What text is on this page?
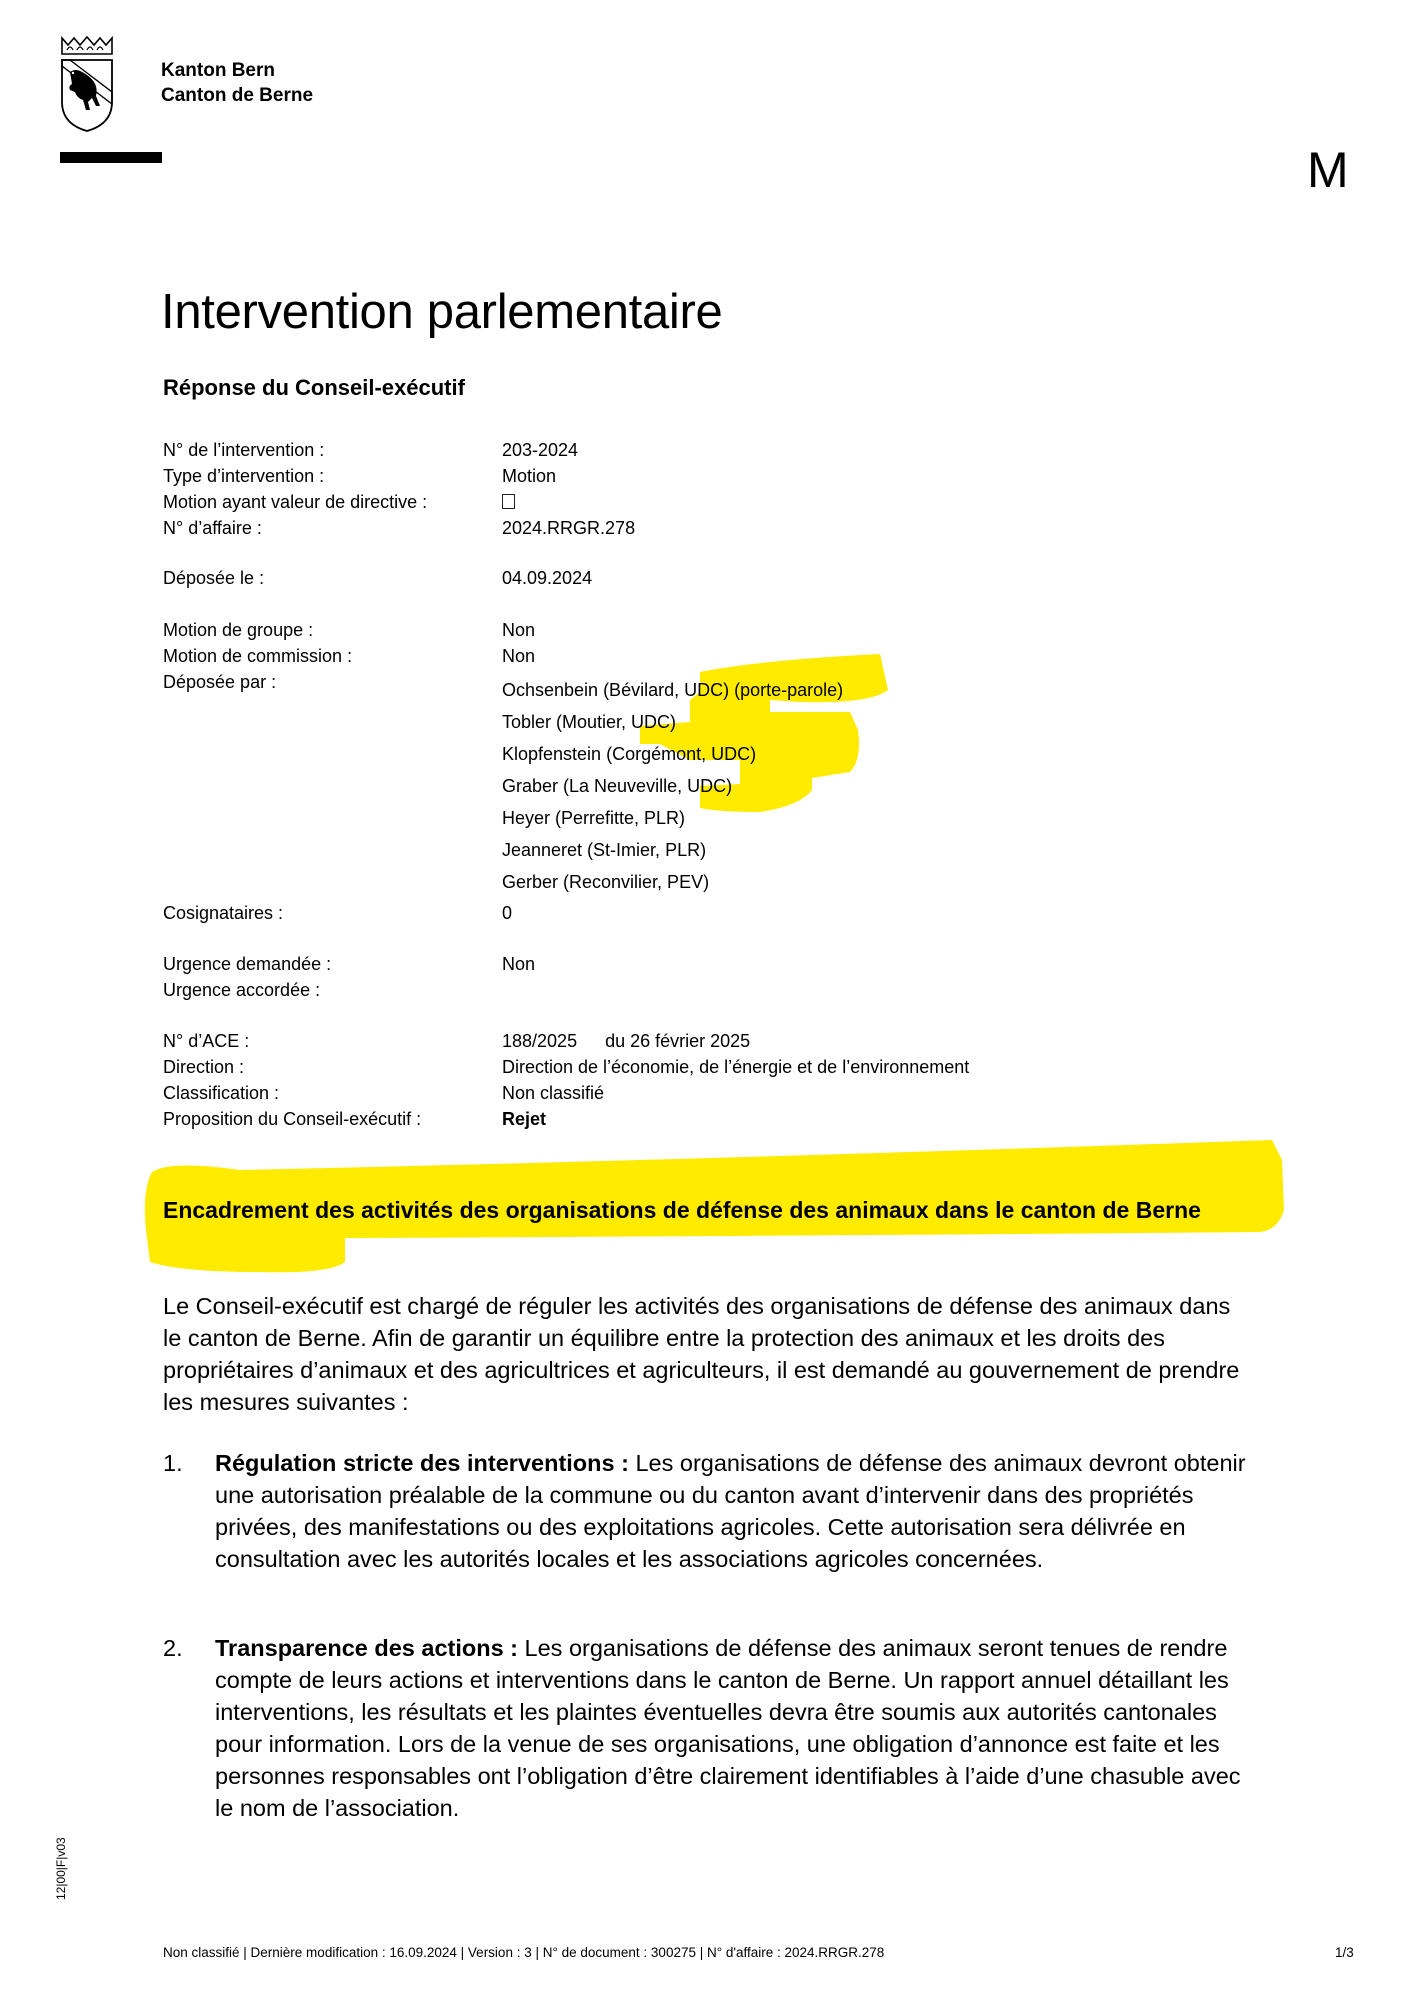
Kanton Bern
Canton de Berne
M
Intervention parlementaire
Réponse du Conseil-exécutif
N° de l’intervention :	203-2024
Type d’intervention :	Motion
Motion ayant valeur de directive :
N° d’affaire :	2024.RRGR.278
Déposée le :	04.09.2024
Motion de groupe :	Non
Motion de commission :	Non
Déposée par :	Ochsenbein (Bévilard, UDC) (porte-parole)
Tobler (Moutier, UDC)
Klopfenstein (Corgémont, UDC)
Graber (La Neuveville, UDC)
Heyer (Perrefitte, PLR)
Jeanneret (St-Imier, PLR)
Gerber (Reconvilier, PEV)
Cosignataires :	0
Urgence demandée :	Non
Urgence accordée :
N° d’ACE :	188/2025 du 26 février 2025
Direction :	Direction de l’économie, de l’énergie et de l’environnement
Classification :	Non classifié
Proposition du Conseil-exécutif :	Rejet
Encadrement des activités des organisations de défense des animaux dans le canton de Berne
Le Conseil-exécutif est chargé de réguler les activités des organisations de défense des animaux dans le canton de Berne. Afin de garantir un équilibre entre la protection des animaux et les droits des propriétaires d’animaux et des agricultrices et agriculteurs, il est demandé au gouvernement de prendre les mesures suivantes :
1. Régulation stricte des interventions : Les organisations de défense des animaux devront obtenir une autorisation préalable de la commune ou du canton avant d’intervenir dans des propriétés privées, des manifestations ou des exploitations agricoles. Cette autorisation sera délivrée en consultation avec les autorités locales et les associations agricoles concernées.
2. Transparence des actions : Les organisations de défense des animaux seront tenues de rendre compte de leurs actions et interventions dans le canton de Berne. Un rapport annuel détaillant les interventions, les résultats et les plaintes éventuelles devra être soumis aux autorités cantonales pour information. Lors de la venue de ses organisations, une obligation d’annonce est faite et les personnes responsables ont l’obligation d’être clairement identifiables à l’aide d’une chasuble avec le nom de l’association.
12|00|F|v03
Non classifié | Dernière modification : 16.09.2024 | Version : 3 | N° de document : 300275 | N° d'affaire : 2024.RRGR.278	1/3
